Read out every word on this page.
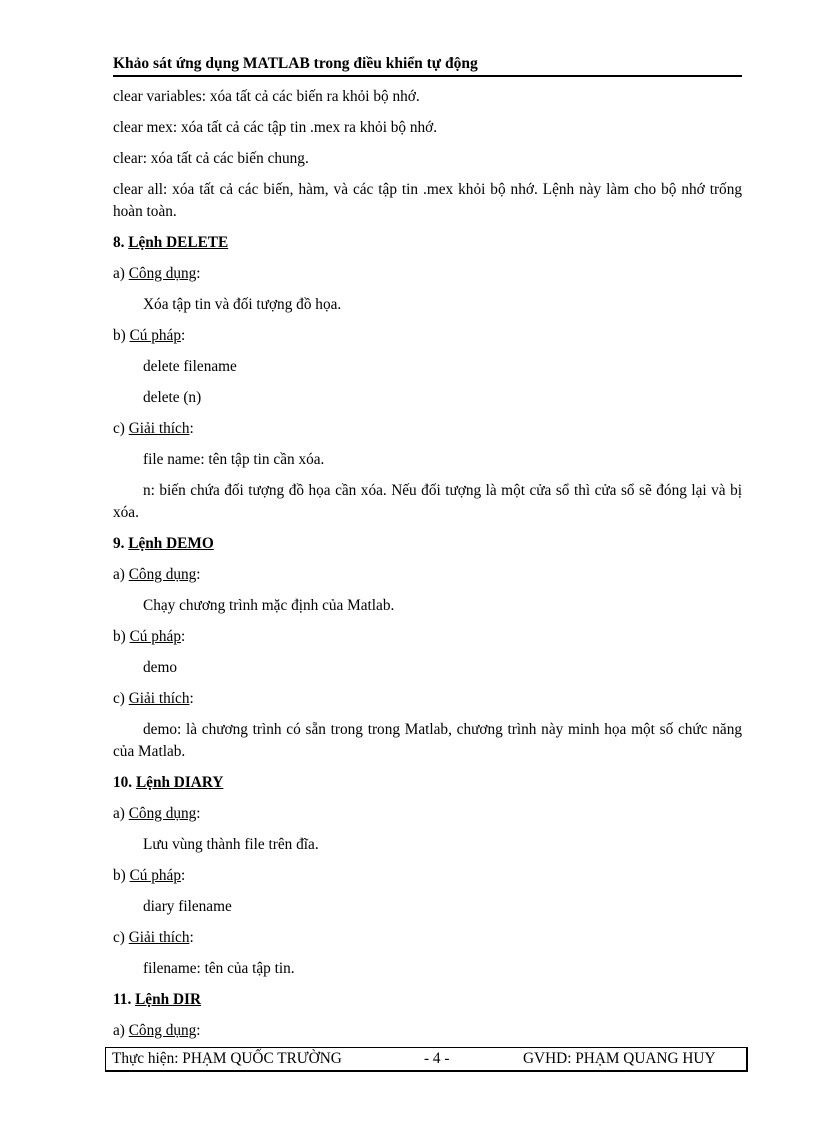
Khảo sát ứng dụng MATLAB trong điều khiển tự động

clear variables: xóa tất cả các biến ra khỏi bộ nhớ.

clear mex: xóa tất cả các tập tin .mex ra khỏi bộ nhớ.

clear: xóa tất cả các biến chung.

clear all: xóa tất cả các biến, hàm, và các tập tin .mex khỏi bộ nhớ. Lệnh này làm cho bộ nhớ trống hoàn toàn.

8. Lệnh DELETE

a) Công dụng:

Xóa tập tin và đối tượng đồ họa.

b) Cú pháp:

delete filename

delete (n)

c) Giải thích:

file name: tên tập tin cần xóa.

n: biến chứa đối tượng đồ họa cần xóa. Nếu đối tượng là một cửa sổ thì cửa sổ sẽ đóng lại và bị xóa.

9. Lệnh DEMO

a) Công dụng:

Chạy chương trình mặc định của Matlab.

b) Cú pháp:

demo

c) Giải thích:

demo: là chương trình có sẵn trong trong Matlab, chương trình này minh họa một số chức năng của Matlab.

10. Lệnh DIARY

a) Công dụng:

Lưu vùng thành file trên đĩa.

b) Cú pháp:

diary filename

c) Giải thích:

filename: tên của tập tin.

11. Lệnh DIR

a) Công dụng:

Thực hiện: PHẠM QUỐC TRƯỜNG	- 4 -	GVHD: PHẠM QUANG HUY
